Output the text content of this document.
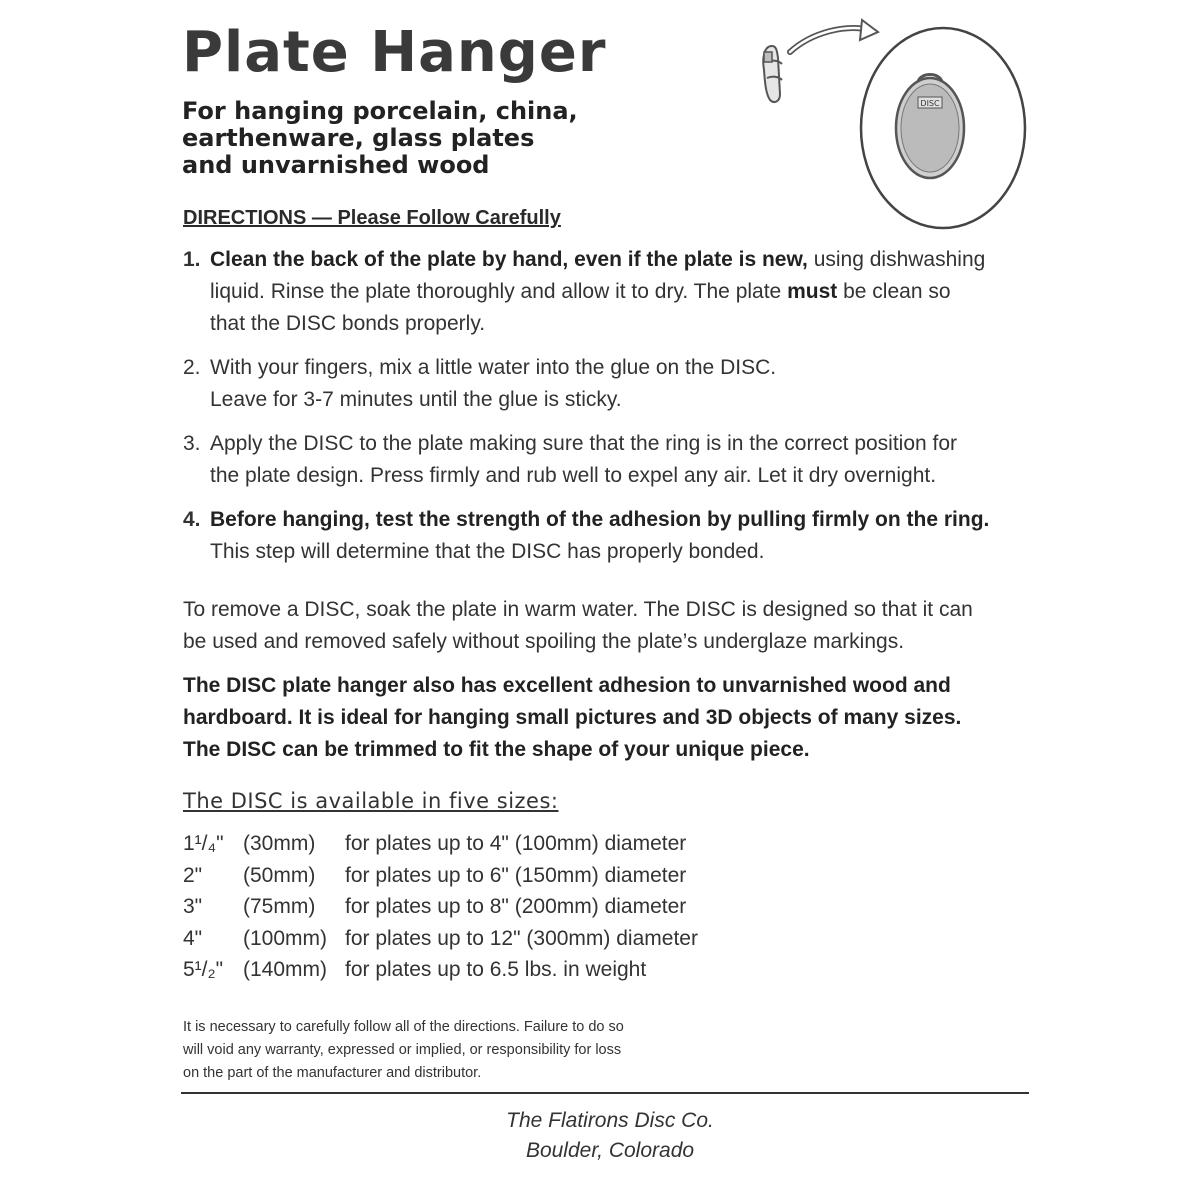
Plate Hanger
For hanging porcelain, china,
earthenware, glass plates
and unvarnished wood
DISC
DIRECTIONS — Please Follow Carefully
1. Clean the back of the plate by hand, even if the plate is new, using dishwashing
liquid. Rinse the plate thoroughly and allow it to dry. The plate must be clean so
that the DISC bonds properly.
2. With your fingers, mix a little water into the glue on the DISC.
Leave for 3-7 minutes until the glue is sticky.
3. Apply the DISC to the plate making sure that the ring is in the correct position for
the plate design. Press firmly and rub well to expel any air. Let it dry overnight.
4. Before hanging, test the strength of the adhesion by pulling firmly on the ring.
This step will determine that the DISC has properly bonded.
To remove a DISC, soak the plate in warm water. The DISC is designed so that it can
be used and removed safely without spoiling the plate’s underglaze markings.
The DISC plate hanger also has excellent adhesion to unvarnished wood and
hardboard. It is ideal for hanging small pictures and 3D objects of many sizes.
The DISC can be trimmed to fit the shape of your unique piece.
The DISC is available in five sizes:
1¹/₄" (30mm) for plates up to 4" (100mm) diameter
2" (50mm) for plates up to 6" (150mm) diameter
3" (75mm) for plates up to 8" (200mm) diameter
4" (100mm) for plates up to 12" (300mm) diameter
5¹/₂" (140mm) for plates up to 6.5 lbs. in weight
It is necessary to carefully follow all of the directions. Failure to do so
will void any warranty, expressed or implied, or responsibility for loss
on the part of the manufacturer and distributor.
The Flatirons Disc Co.
Boulder, Colorado
